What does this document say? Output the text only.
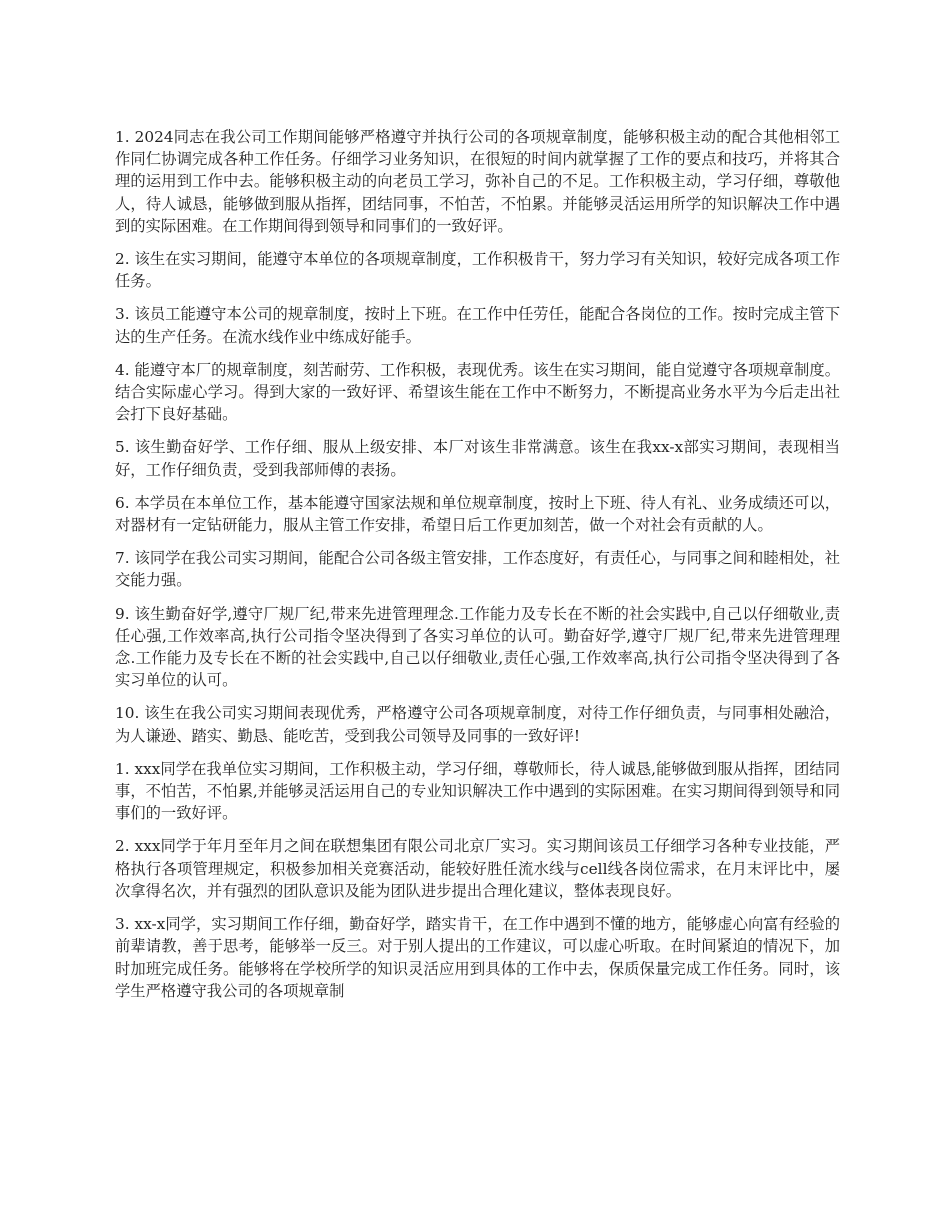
1. 2024同志在我公司工作期间能够严格遵守并执行公司的各项规章制度，能够积极主动的配合其他相邻工作同仁协调完成各种工作任务。仔细学习业务知识，在很短的时间内就掌握了工作的要点和技巧，并将其合理的运用到工作中去。能够积极主动的向老员工学习，弥补自己的不足。工作积极主动，学习仔细，尊敬他人，待人诚恳，能够做到服从指挥，团结同事，不怕苦，不怕累。并能够灵活运用所学的知识解决工作中遇到的实际困难。在工作期间得到领导和同事们的一致好评。

2. 该生在实习期间，能遵守本单位的各项规章制度，工作积极肯干，努力学习有关知识，较好完成各项工作任务。

3. 该员工能遵守本公司的规章制度，按时上下班。在工作中任劳任，能配合各岗位的工作。按时完成主管下达的生产任务。在流水线作业中练成好能手。

4. 能遵守本厂的规章制度，刻苦耐劳、工作积极，表现优秀。该生在实习期间，能自觉遵守各项规章制度。结合实际虚心学习。得到大家的一致好评、希望该生能在工作中不断努力，不断提高业务水平为今后走出社会打下良好基础。

5. 该生勤奋好学、工作仔细、服从上级安排、本厂对该生非常满意。该生在我xx-x部实习期间，表现相当好，工作仔细负责，受到我部师傅的表扬。

6. 本学员在本单位工作，基本能遵守国家法规和单位规章制度，按时上下班、待人有礼、业务成绩还可以，对器材有一定钻研能力，服从主管工作安排，希望日后工作更加刻苦，做一个对社会有贡献的人。

7. 该同学在我公司实习期间，能配合公司各级主管安排，工作态度好，有责任心，与同事之间和睦相处，社交能力强。

9. 该生勤奋好学,遵守厂规厂纪,带来先进管理理念.工作能力及专长在不断的社会实践中,自己以仔细敬业,责任心强,工作效率高,执行公司指令坚决得到了各实习单位的认可。勤奋好学,遵守厂规厂纪,带来先进管理理念.工作能力及专长在不断的社会实践中,自己以仔细敬业,责任心强,工作效率高,执行公司指令坚决得到了各实习单位的认可。

10. 该生在我公司实习期间表现优秀，严格遵守公司各项规章制度，对待工作仔细负责，与同事相处融洽，为人谦逊、踏实、勤恳、能吃苦，受到我公司领导及同事的一致好评!

1. xxx同学在我单位实习期间，工作积极主动，学习仔细，尊敬师长，待人诚恳,能够做到服从指挥，团结同事，不怕苦，不怕累,并能够灵活运用自己的专业知识解决工作中遇到的实际困难。在实习期间得到领导和同事们的一致好评。

2. xxx同学于年月至年月之间在联想集团有限公司北京厂实习。实习期间该员工仔细学习各种专业技能，严格执行各项管理规定，积极参加相关竞赛活动，能较好胜任流水线与cell线各岗位需求，在月末评比中，屡次拿得名次，并有强烈的团队意识及能为团队进步提出合理化建议，整体表现良好。

3. xx-x同学，实习期间工作仔细，勤奋好学，踏实肯干，在工作中遇到不懂的地方，能够虚心向富有经验的前辈请教，善于思考，能够举一反三。对于别人提出的工作建议，可以虚心听取。在时间紧迫的情况下，加时加班完成任务。能够将在学校所学的知识灵活应用到具体的工作中去，保质保量完成工作任务。同时，该学生严格遵守我公司的各项规章制
